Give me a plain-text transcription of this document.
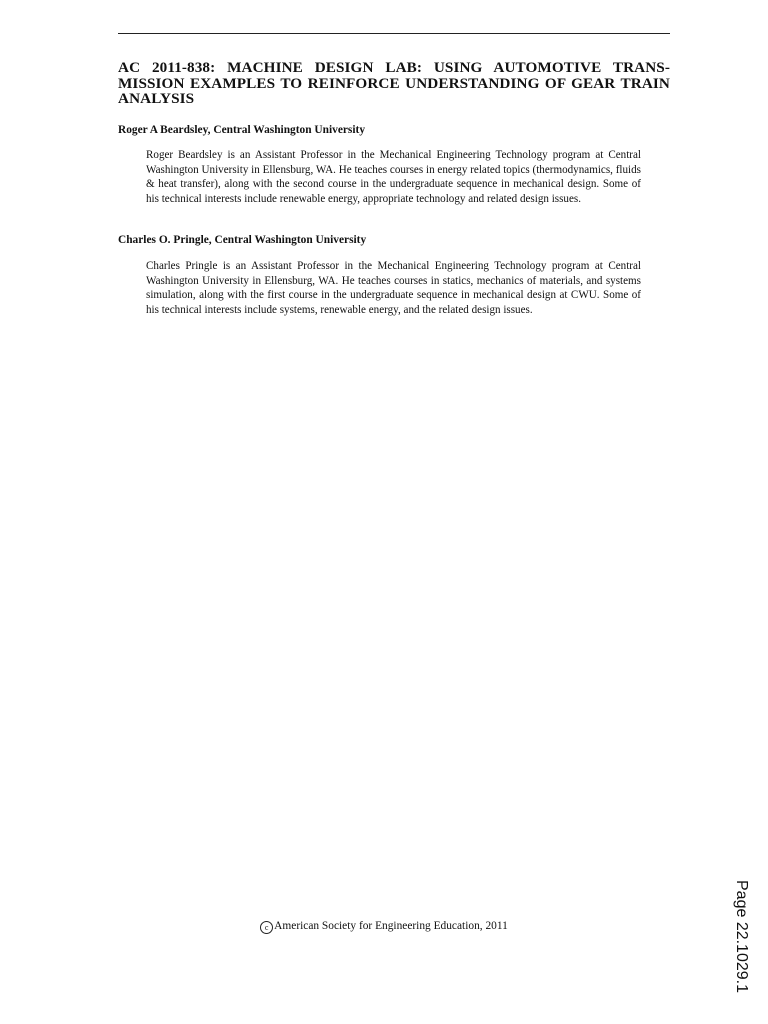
AC 2011-838: MACHINE DESIGN LAB: USING AUTOMOTIVE TRANS-MISSION EXAMPLES TO REINFORCE UNDERSTANDING OF GEAR TRAIN ANALYSIS

Roger A Beardsley, Central Washington University

Roger Beardsley is an Assistant Professor in the Mechanical Engineering Technology program at Central Washington University in Ellensburg, WA. He teaches courses in energy related topics (thermodynamics, fluids & heat transfer), along with the second course in the undergraduate sequence in mechanical design. Some of his technical interests include renewable energy, appropriate technology and related design issues.

Charles O. Pringle, Central Washington University

Charles Pringle is an Assistant Professor in the Mechanical Engineering Technology program at Central Washington University in Ellensburg, WA. He teaches courses in statics, mechanics of materials, and systems simulation, along with the first course in the undergraduate sequence in mechanical design at CWU. Some of his technical interests include systems, renewable energy, and the related design issues.

c American Society for Engineering Education, 2011	Page 22.1029.1
